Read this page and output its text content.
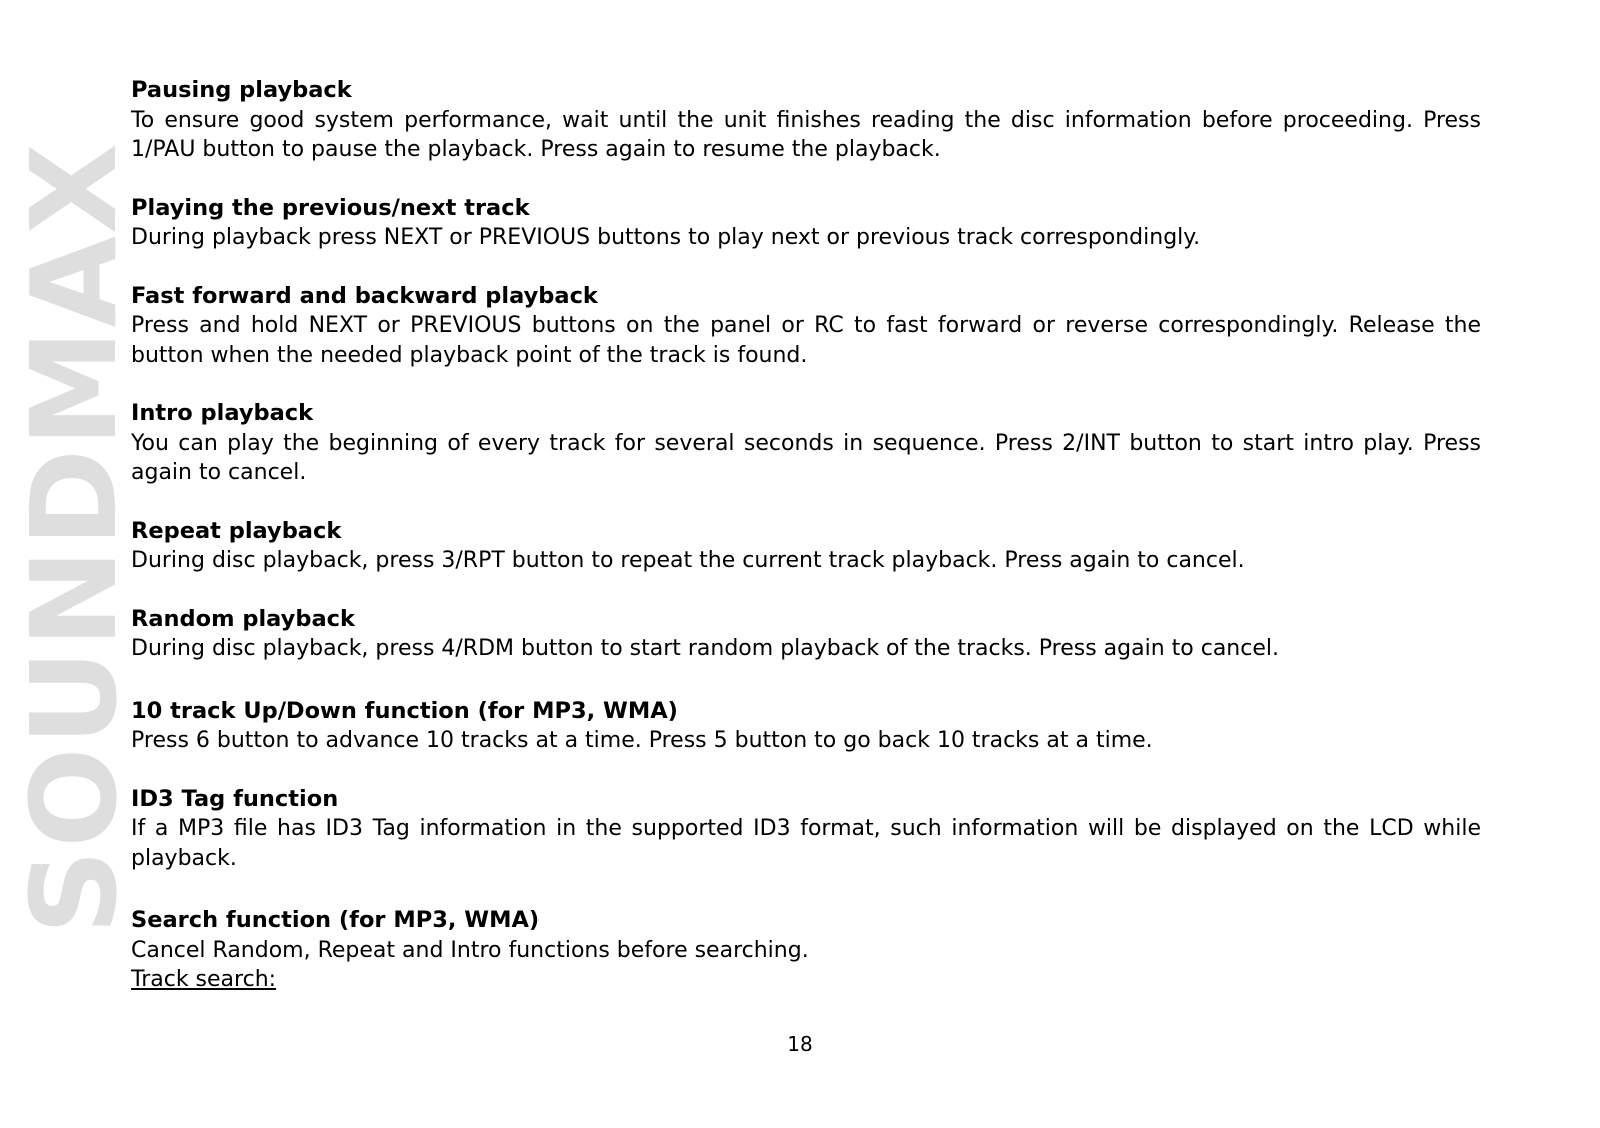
SOUNDMAX

Pausing playback

To ensure good system performance, wait until the unit finishes reading the disc information before proceeding. Press 1/PAU button to pause the playback. Press again to resume the playback.

Playing the previous/next track

During playback press NEXT or PREVIOUS buttons to play next or previous track correspondingly.

Fast forward and backward playback

Press and hold NEXT or PREVIOUS buttons on the panel or RC to fast forward or reverse correspondingly. Release the button when the needed playback point of the track is found.

Intro playback

You can play the beginning of every track for several seconds in sequence. Press 2/INT button to start intro play. Press again to cancel.

Repeat playback

During disc playback, press 3/RPT button to repeat the current track playback. Press again to cancel.

Random playback

During disc playback, press 4/RDM button to start random playback of the tracks. Press again to cancel.

10 track Up/Down function (for MP3, WMA)

Press 6 button to advance 10 tracks at a time. Press 5 button to go back 10 tracks at a time.

ID3 Tag function

If a MP3 file has ID3 Tag information in the supported ID3 format, such information will be displayed on the LCD while playback.

Search function (for MP3, WMA)

Cancel Random, Repeat and Intro functions before searching.

Track search:

18
